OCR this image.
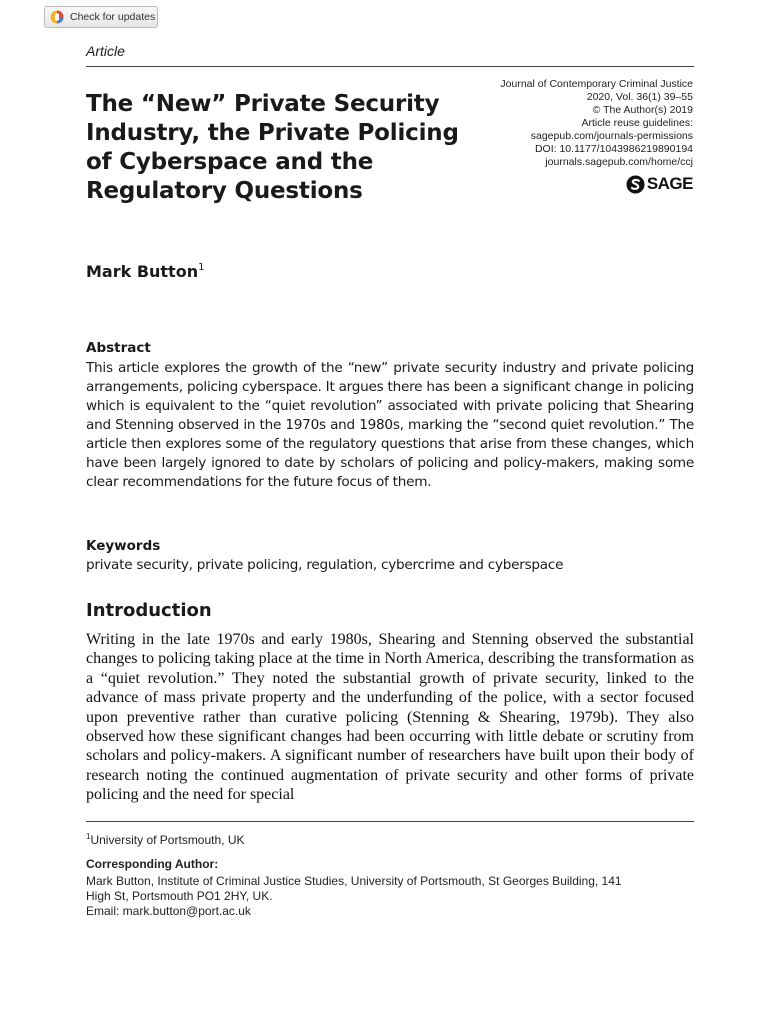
Check for updates
Article
Journal of Contemporary Criminal Justice
2020, Vol. 36(1) 39–55
© The Author(s) 2019
Article reuse guidelines:
sagepub.com/journals-permissions
DOI: 10.1177/1043986219890194
journals.sagepub.com/home/ccj
SAGE
The “New” Private Security Industry, the Private Policing of Cyberspace and the Regulatory Questions
Mark Button$^1$
Abstract

This article explores the growth of the “new” private security industry and private policing arrangements, policing cyberspace. It argues there has been a significant change in policing which is equivalent to the “quiet revolution” associated with private policing that Shearing and Stenning observed in the 1970s and 1980s, marking the “second quiet revolution.” The article then explores some of the regulatory questions that arise from these changes, which have been largely ignored to date by scholars of policing and policy-makers, making some clear recommendations for the future focus of them.

Keywords
private security, private policing, regulation, cybercrime and cyberspace
Introduction

Writing in the late 1970s and early 1980s, Shearing and Stenning observed the substantial changes to policing taking place at the time in North America, describing the transformation as a “quiet revolution.” They noted the substantial growth of private security, linked to the advance of mass private property and the underfunding of the police, with a sector focused upon preventive rather than curative policing (Stenning & Shearing, 1979b). They also observed how these significant changes had been occurring with little debate or scrutiny from scholars and policy-makers. A significant number of researchers have built upon their body of research noting the continued augmentation of private security and other forms of private policing and the need for special

$^1$University of Portsmouth, UK
Corresponding Author:
Mark Button, Institute of Criminal Justice Studies, University of Portsmouth, St Georges Building, 141
High St, Portsmouth PO1 2HY, UK.
Email: mark.button@port.ac.uk
